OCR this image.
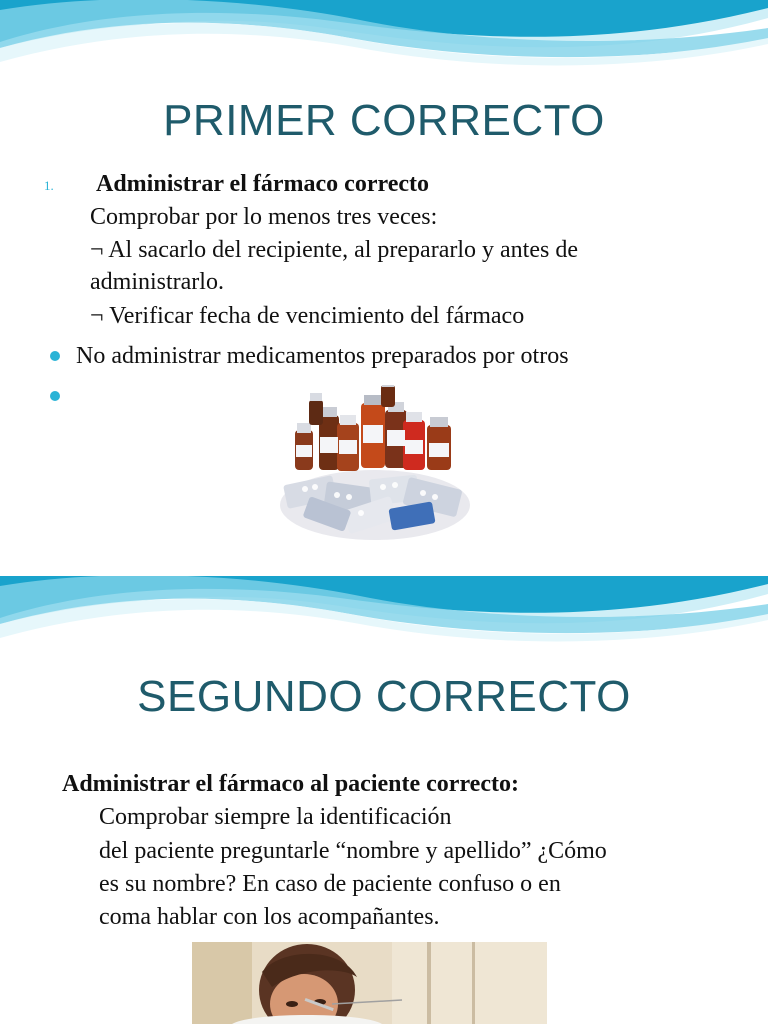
PRIMER CORRECTO
1. Administrar el fármaco correcto
Comprobar por lo menos tres veces:
¬ Al sacarlo del recipiente, al prepararlo y antes de
administrarlo.
¬ Verificar fecha de vencimiento del fármaco
No administrar medicamentos preparados por otros
SEGUNDO CORRECTO
Administrar el fármaco al paciente correcto:
Comprobar siempre la identificación
del paciente preguntarle “nombre y apellido” ¿Cómo
es su nombre? En caso de paciente confuso o en
coma hablar con los acompañantes.
